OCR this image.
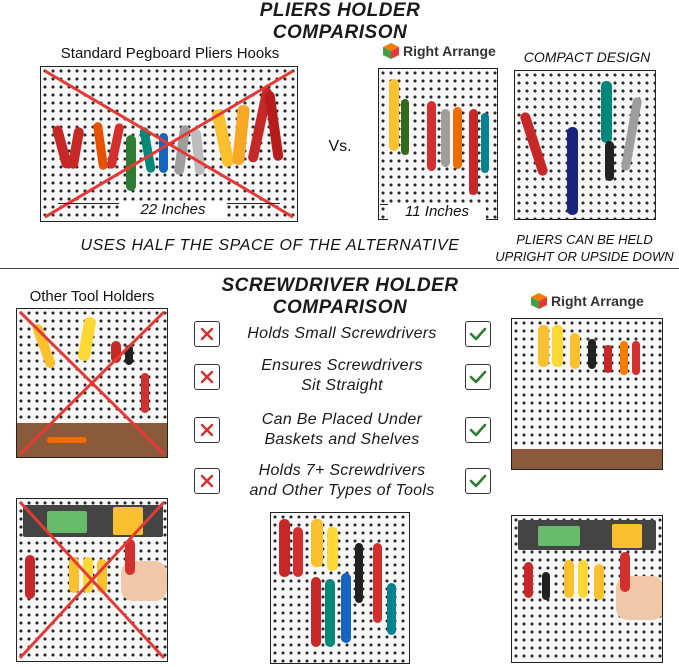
PLIERS HOLDER
COMPARISON
Standard Pegboard Pliers Hooks
22 Inches
Vs.
Right Arrange
11 Inches
COMPACT DESIGN
USES HALF THE SPACE OF THE ALTERNATIVE	PLIERS CAN BE HELD
UPRIGHT OR UPSIDE DOWN
SCREWDRIVER HOLDER
COMPARISON
Other Tool Holders
Holds Small Screwdrivers
Ensures Screwdrivers
Sit Straight
Can Be Placed Under
Baskets and Shelves
Holds 7+ Screwdrivers
and Other Types of Tools
Right Arrange
